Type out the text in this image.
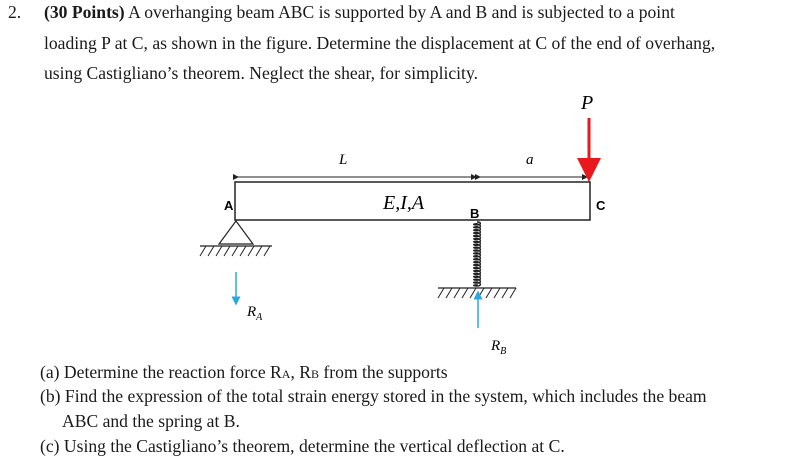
2. (30 Points) A overhanging beam ABC is supported by A and B and is subjected to a point
loading P at C, as shown in the figure. Determine the displacement at C of the end of overhang,
using Castigliano’s theorem. Neglect the shear, for simplicity.
L	a
P
E,I,A
A
B
C
$R_A$
$R_B$
(a) Determine the reaction force RA, RB from the supports
(b) Find the expression of the total strain energy stored in the system, which includes the beam
ABC and the spring at B.
(c) Using the Castigliano’s theorem, determine the vertical deflection at C.
